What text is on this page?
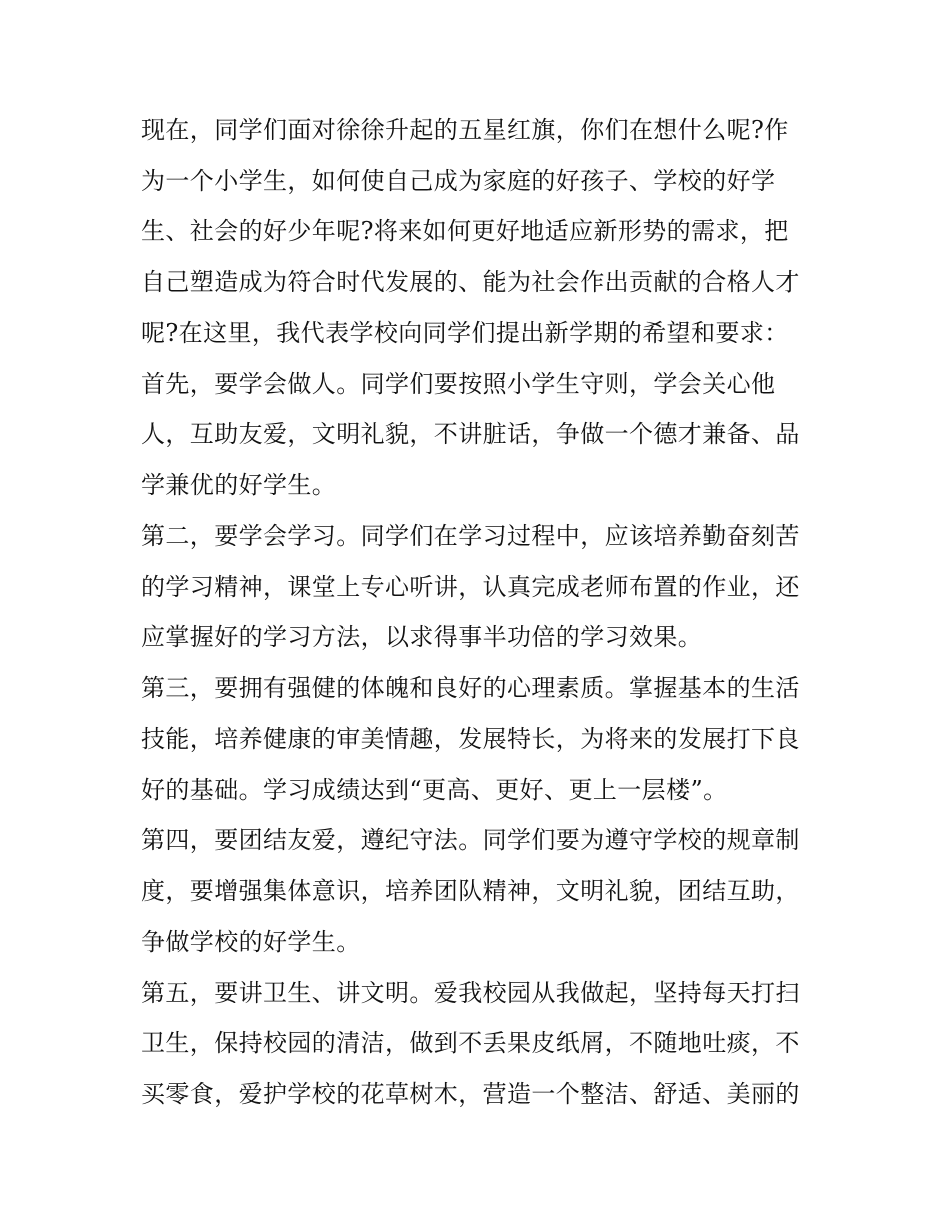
现在，同学们面对徐徐升起的五星红旗，你们在想什么呢?作
为一个小学生，如何使自己成为家庭的好孩子、学校的好学
生、社会的好少年呢?将来如何更好地适应新形势的需求，把
自己塑造成为符合时代发展的、能为社会作出贡献的合格人才
呢?在这里，我代表学校向同学们提出新学期的希望和要求：
首先，要学会做人。同学们要按照小学生守则，学会关心他
人，互助友爱，文明礼貌，不讲脏话，争做一个德才兼备、品
学兼优的好学生。
第二，要学会学习。同学们在学习过程中，应该培养勤奋刻苦
的学习精神，课堂上专心听讲，认真完成老师布置的作业，还
应掌握好的学习方法，以求得事半功倍的学习效果。
第三，要拥有强健的体魄和良好的心理素质。掌握基本的生活
技能，培养健康的审美情趣，发展特长，为将来的发展打下良
好的基础。学习成绩达到“更高、更好、更上一层楼”。
第四，要团结友爱，遵纪守法。同学们要为遵守学校的规章制
度，要增强集体意识，培养团队精神，文明礼貌，团结互助，
争做学校的好学生。
第五，要讲卫生、讲文明。爱我校园从我做起，坚持每天打扫
卫生，保持校园的清洁，做到不丢果皮纸屑，不随地吐痰，不
买零食，爱护学校的花草树木，营造一个整洁、舒适、美丽的
